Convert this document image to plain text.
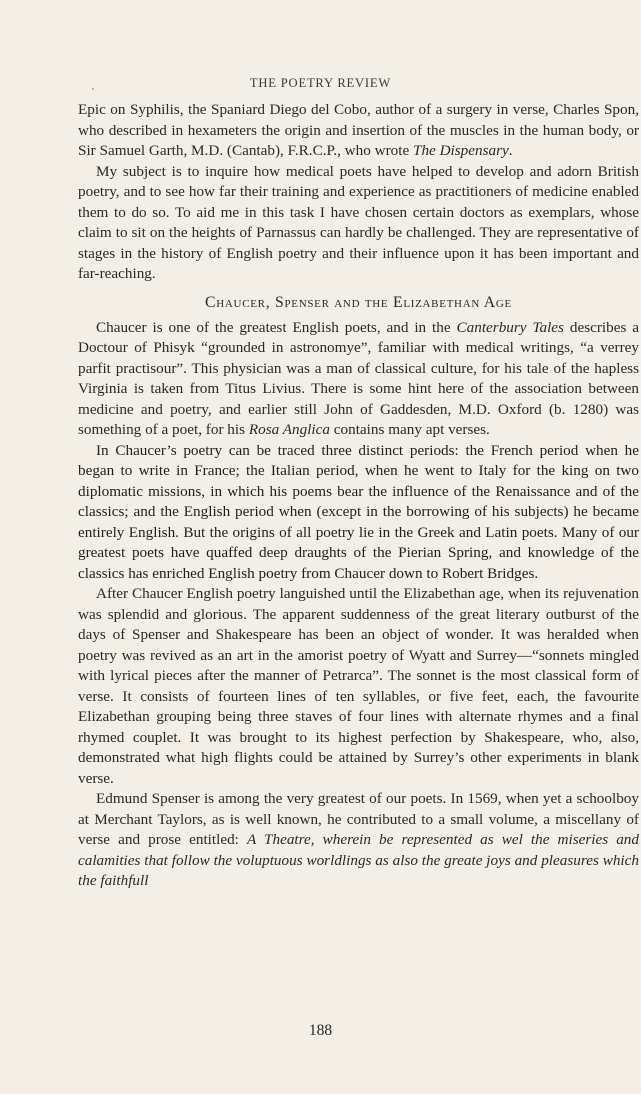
THE POETRY REVIEW

Epic on Syphilis, the Spaniard Diego del Cobo, author of a surgery in verse, Charles Spon, who described in hexameters the origin and insertion of the muscles in the human body, or Sir Samuel Garth, M.D. (Cantab), F.R.C.P., who wrote The Dispensary.

My subject is to inquire how medical poets have helped to develop and adorn British poetry, and to see how far their training and experience as practitioners of medicine enabled them to do so. To aid me in this task I have chosen certain doctors as exemplars, whose claim to sit on the heights of Parnassus can hardly be challenged. They are representative of stages in the history of English poetry and their influence upon it has been important and far-reaching.

Chaucer, Spenser and the Elizabethan Age

Chaucer is one of the greatest English poets, and in the Canterbury Tales describes a Doctour of Phisyk “grounded in astronomye”, familiar with medical writings, “a verrey parfit practisour”. This physician was a man of classical culture, for his tale of the hapless Virginia is taken from Titus Livius. There is some hint here of the association between medicine and poetry, and earlier still John of Gaddesden, M.D. Oxford (b. 1280) was something of a poet, for his Rosa Anglica contains many apt verses.

In Chaucer’s poetry can be traced three distinct periods: the French period when he began to write in France; the Italian period, when he went to Italy for the king on two diplomatic missions, in which his poems bear the influence of the Renaissance and of the classics; and the English period when (except in the borrowing of his subjects) he became entirely English. But the origins of all poetry lie in the Greek and Latin poets. Many of our greatest poets have quaffed deep draughts of the Pierian Spring, and knowledge of the classics has enriched English poetry from Chaucer down to Robert Bridges.

After Chaucer English poetry languished until the Elizabethan age, when its rejuvenation was splendid and glorious. The apparent suddenness of the great literary outburst of the days of Spenser and Shakespeare has been an object of wonder. It was heralded when poetry was revived as an art in the amorist poetry of Wyatt and Surrey—“sonnets mingled with lyrical pieces after the manner of Petrarca”. The sonnet is the most classical form of verse. It consists of fourteen lines of ten syllables, or five feet, each, the favourite Elizabethan grouping being three staves of four lines with alternate rhymes and a final rhymed couplet. It was brought to its highest perfection by Shakespeare, who, also, demonstrated what high flights could be attained by Surrey’s other experiments in blank verse.

Edmund Spenser is among the very greatest of our poets. In 1569, when yet a schoolboy at Merchant Taylors, as is well known, he contributed to a small volume, a miscellany of verse and prose entitled: A Theatre, wherein be represented as wel the miseries and calamities that follow the voluptuous worldlings as also the greate joys and pleasures which the faithfull

188
